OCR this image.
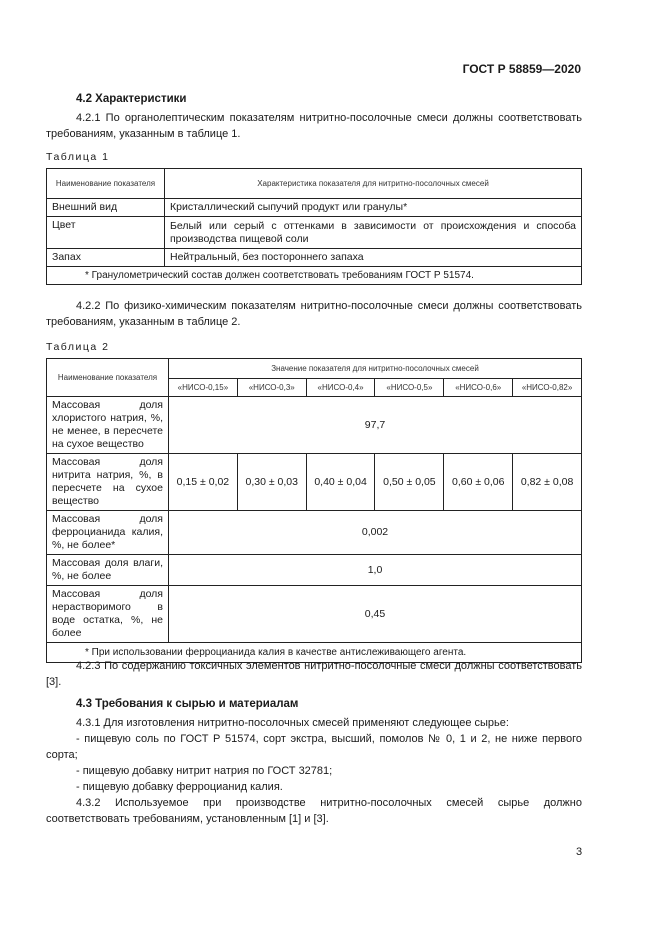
ГОСТ Р 58859—2020
4.2 Характеристики

4.2.1 По органолептическим показателям нитритно-посолочные смеси должны соответствовать требованиям, указанным в таблице 1.

Таблица 1
Наименование показателя	Характеристика показателя для нитритно-посолочных смесей
Внешний вид	Кристаллический сыпучий продукт или гранулы*
Цвет	Белый или серый с оттенками в зависимости от происхождения и способа производства пищевой соли
Запах	Нейтральный, без постороннего запаха
* Гранулометрический состав должен соответствовать требованиям ГОСТ Р 51574.	

4.2.2 По физико-химическим показателям нитритно-посолочные смеси должны соответствовать требованиям, указанным в таблице 2.

Таблица 2
Наименование показателя	Значение показателя для нитритно-посолочных смесей					
	«НИСО-0,15»	«НИСО-0,3»	«НИСО-0,4»	«НИСО-0,5»	«НИСО-0,6»	«НИСО-0,82»
Массовая доля хлористого натрия, %, не менее, в пересчете на сухое вещество	97,7					
Массовая доля нитрита натрия, %, в пересчете на сухое вещество	0,15 ± 0,02	0,30 ± 0,03	0,40 ± 0,04	0,50 ± 0,05	0,60 ± 0,06	0,82 ± 0,08
Массовая доля ферроцианида калия, %, не более*	0,002					
Массовая доля влаги, %, не более	1,0					
Массовая доля нерастворимого в воде остатка, %, не более	0,45					
* При использовании ферроцианида калия в качестве антислеживающего агента.						

4.2.3 По содержанию токсичных элементов нитритно-посолочные смеси должны соответствовать [3].

4.3 Требования к сырью и материалам

4.3.1 Для изготовления нитритно-посолочных смесей применяют следующее сырье:

- пищевую соль по ГОСТ Р 51574, сорт экстра, высший, помолов № 0, 1 и 2, не ниже первого сорта;

- пищевую добавку нитрит натрия по ГОСТ 32781;

- пищевую добавку ферроцианид калия.

4.3.2 Используемое при производстве нитритно-посолочных смесей сырье должно соответствовать требованиям, установленным [1] и [3].

3
